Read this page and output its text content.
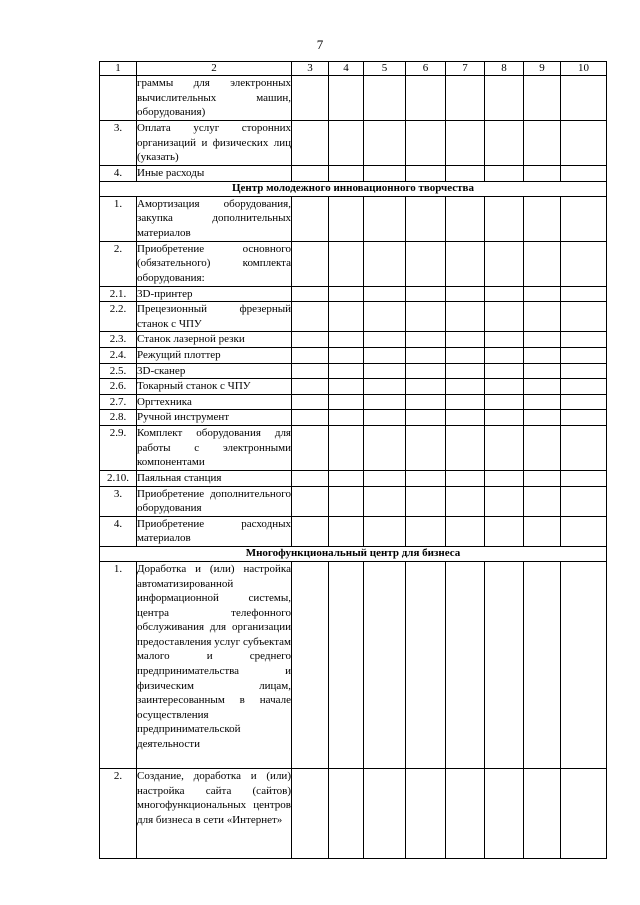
7
1	2	3	4	5	6	7	8	9	10
	граммы для электронных вычислительных машин, оборудования)								
3.	Оплата услуг сторонних организаций и физических лиц (указать)								
4.	Иные расходы								
Центр молодежного инновационного творчества									
1.	Амортизация оборудования, закупка дополнительных материалов								
2.	Приобретение основного (обязательного) комплекта оборудования:								
2.1.	3D-принтер								
2.2.	Прецезионный фрезерный станок с ЧПУ								
2.3.	Станок лазерной резки								
2.4.	Режущий плоттер								
2.5.	3D-сканер								
2.6.	Токарный станок с ЧПУ								
2.7.	Оргтехника								
2.8.	Ручной инструмент								
2.9.	Комплект оборудования для работы с электронными компонентами								
2.10.	Паяльная станция								
3.	Приобретение дополнительного оборудования								
4.	Приобретение расходных материалов								
Многофункциональный центр для бизнеса									
1.	Доработка и (или) настройка автоматизированной информационной системы, центра телефонного обслуживания для организации предоставления услуг субъектам малого и среднего предпринимательства и физическим лицам, заинтересованным в начале осуществления предпринимательской деятельности								
2.	Создание, доработка и (или) настройка сайта (сайтов) многофункциональных центров для бизнеса в сети «Интернет»								
